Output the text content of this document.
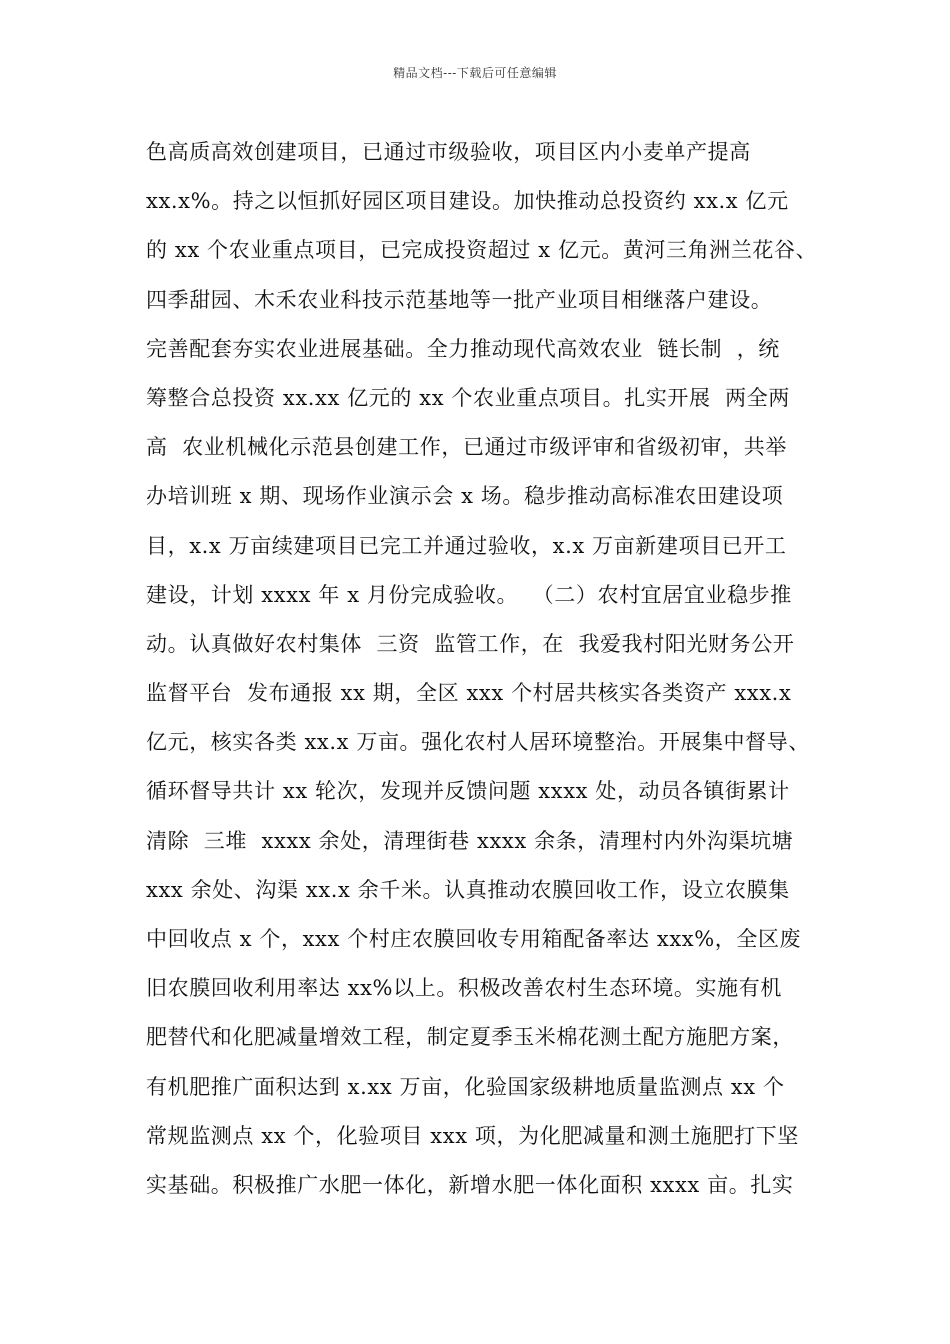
精品文档---下载后可任意编辑
色高质高效创建项目，已通过市级验收，项目区内小麦单产提高
xx.x%。持之以恒抓好园区项目建设。加快推动总投资约 xx.x 亿元
的 xx 个农业重点项目，已完成投资超过 x 亿元。黄河三角洲兰花谷、
四季甜园、木禾农业科技示范基地等一批产业项目相继落户建设。
完善配套夯实农业进展基础。全力推动现代高效农业  链长制  ，统
筹整合总投资 xx.xx 亿元的 xx 个农业重点项目。扎实开展  两全两
高  农业机械化示范县创建工作，已通过市级评审和省级初审，共举
办培训班 x 期、现场作业演示会 x 场。稳步推动高标准农田建设项
目，x.x 万亩续建项目已完工并通过验收，x.x 万亩新建项目已开工
建设，计划 xxxx 年 x 月份完成验收。  （二）农村宜居宜业稳步推
动。认真做好农村集体  三资  监管工作，在  我爱我村阳光财务公开
监督平台  发布通报 xx 期，全区 xxx 个村居共核实各类资产 xxx.x
亿元，核实各类 xx.x 万亩。强化农村人居环境整治。开展集中督导、
循环督导共计 xx 轮次，发现并反馈问题 xxxx 处，动员各镇街累计
清除  三堆  xxxx 余处，清理街巷 xxxx 余条，清理村内外沟渠坑塘
xxx 余处、沟渠 xx.x 余千米。认真推动农膜回收工作，设立农膜集
中回收点 x 个，xxx 个村庄农膜回收专用箱配备率达 xxx%，全区废
旧农膜回收利用率达 xx%以上。积极改善农村生态环境。实施有机
肥替代和化肥减量增效工程，制定夏季玉米棉花测土配方施肥方案，
有机肥推广面积达到 x.xx 万亩，化验国家级耕地质量监测点 xx 个
常规监测点 xx 个，化验项目 xxx 项，为化肥减量和测土施肥打下坚
实基础。积极推广水肥一体化，新增水肥一体化面积 xxxx 亩。扎实
